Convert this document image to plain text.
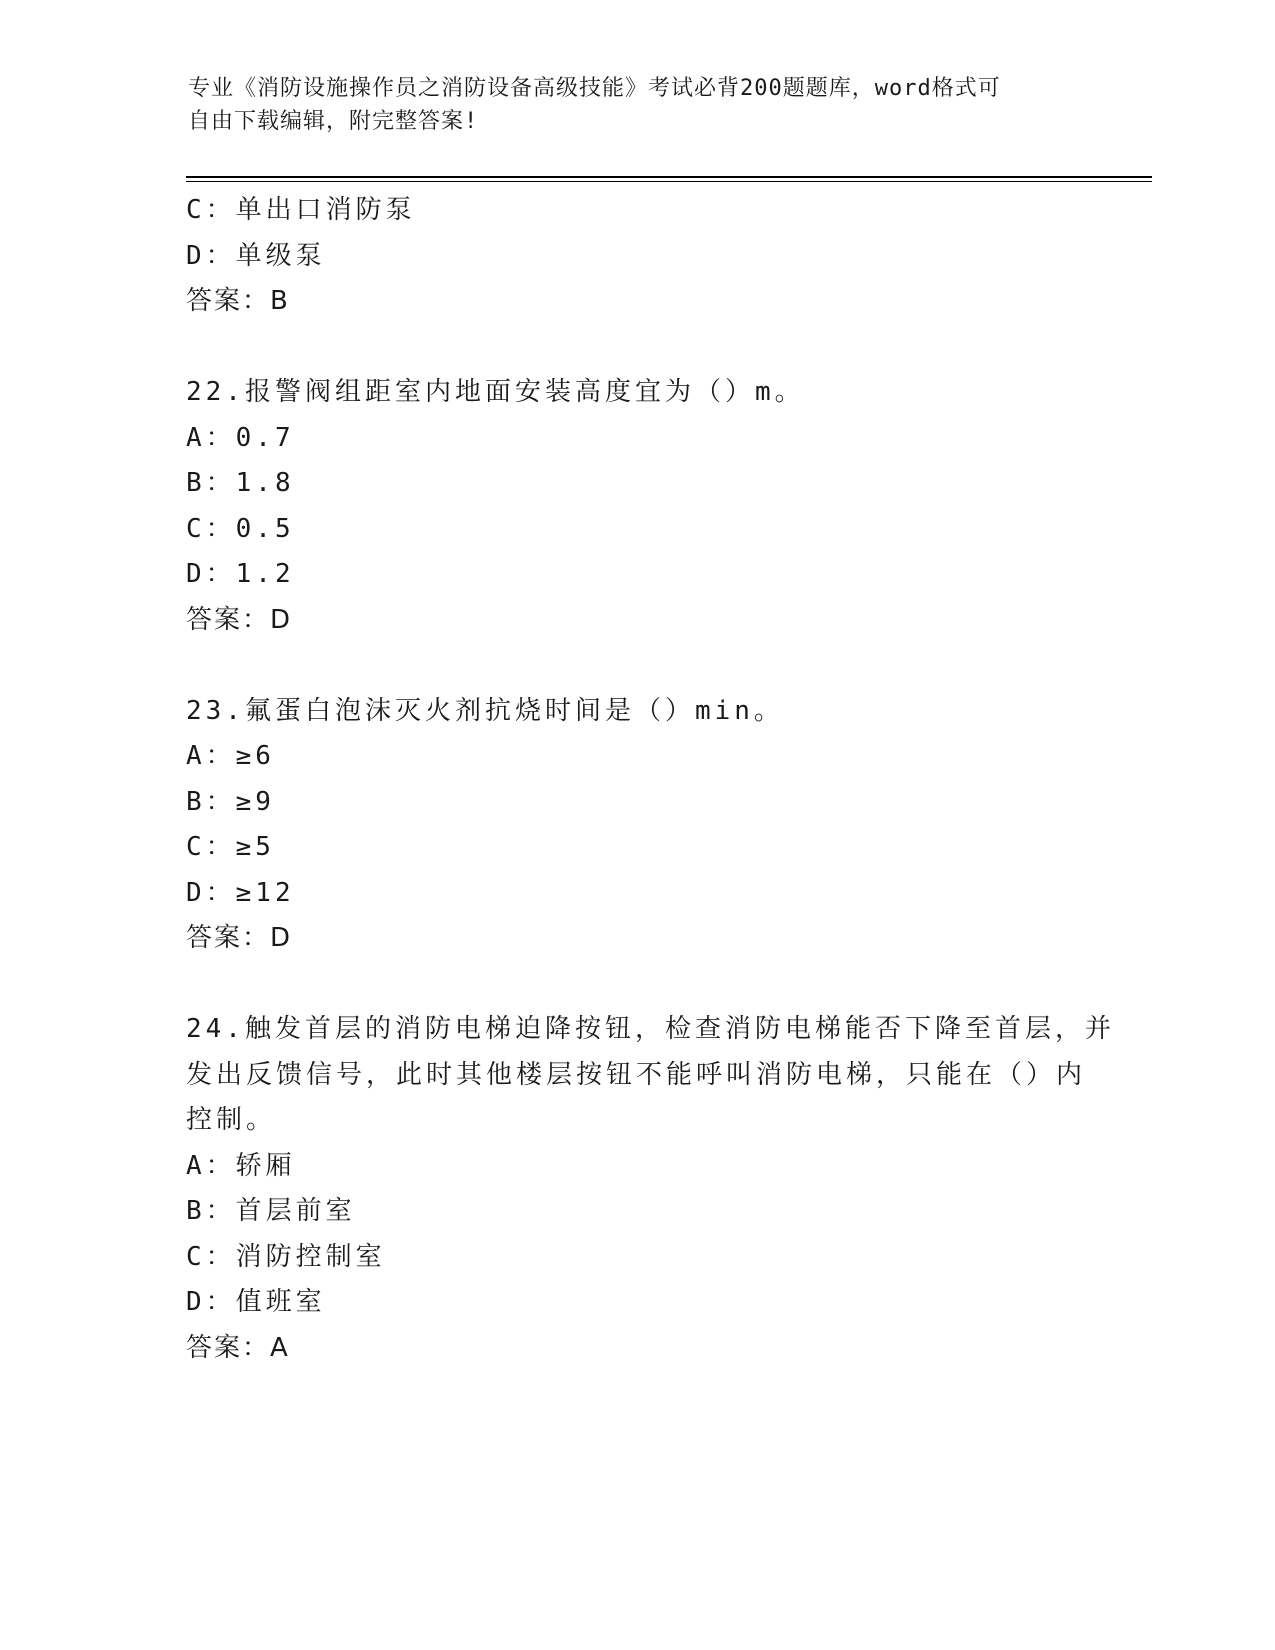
专业《消防设施操作员之消防设备高级技能》考试必背200题题库，word格式可
自由下载编辑，附完整答案!
C：单出口消防泵
D：单级泵
答案：B
22.报警阀组距室内地面安装高度宜为（）m。
A：0.7
B：1.8
C：0.5
D：1.2
答案：D
23.氟蛋白泡沫灭火剂抗烧时间是（）min。
A：≥6
B：≥9
C：≥5
D：≥12
答案：D
24.触发首层的消防电梯迫降按钮，检查消防电梯能否下降至首层，并
发出反馈信号，此时其他楼层按钮不能呼叫消防电梯，只能在（）内
控制。
A：轿厢
B：首层前室
C：消防控制室
D：值班室
答案：A
